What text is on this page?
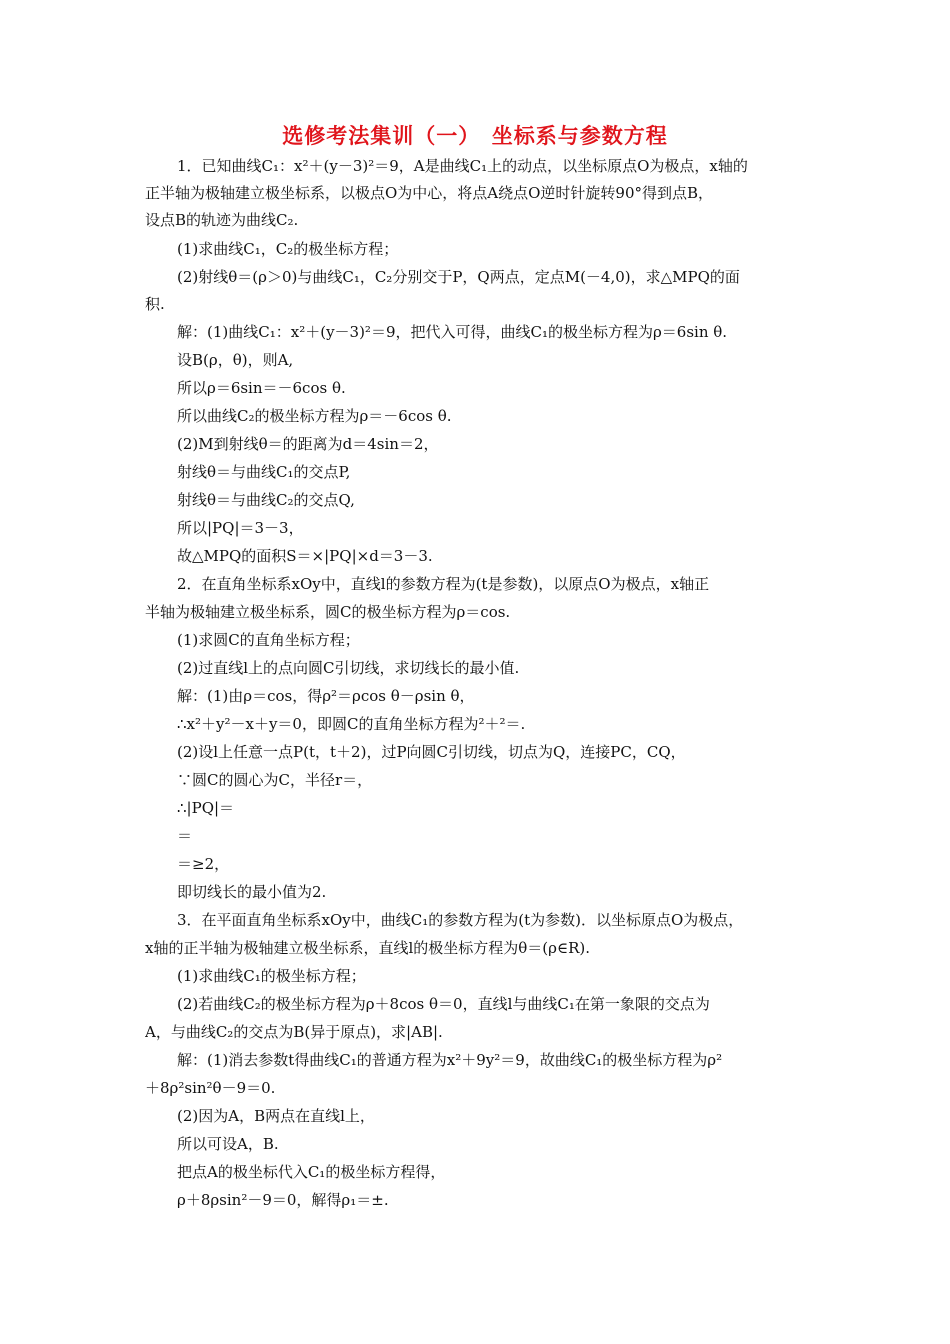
选修考法集训（一）　坐标系与参数方程
1．已知曲线C₁：x²＋(y－3)²＝9，A是曲线C₁上的动点，以坐标原点O为极点，x轴的
正半轴为极轴建立极坐标系，以极点O为中心，将点A绕点O逆时针旋转90°得到点B，
设点B的轨迹为曲线C₂.
(1)求曲线C₁，C₂的极坐标方程；
(2)射线θ＝(ρ＞0)与曲线C₁，C₂分别交于P，Q两点，定点M(－4,0)，求△MPQ的面
积.
解：(1)曲线C₁：x²＋(y－3)²＝9，把代入可得，曲线C₁的极坐标方程为ρ＝6sin θ.
设B(ρ，θ)，则A,
所以ρ＝6sin＝－6cos θ.
所以曲线C₂的极坐标方程为ρ＝－6cos θ.
(2)M到射线θ＝的距离为d＝4sin＝2，
射线θ＝与曲线C₁的交点P,
射线θ＝与曲线C₂的交点Q,
所以|PQ|＝3－3，
故△MPQ的面积S＝×|PQ|×d＝3－3.
2．在直角坐标系xOy中，直线l的参数方程为(t是参数)，以原点O为极点，x轴正
半轴为极轴建立极坐标系，圆C的极坐标方程为ρ＝cos.
(1)求圆C的直角坐标方程；
(2)过直线l上的点向圆C引切线，求切线长的最小值.
解：(1)由ρ＝cos，得ρ²＝ρcos θ－ρsin θ，
∴x²＋y²－x＋y＝0，即圆C的直角坐标方程为²＋²＝.
(2)设l上任意一点P(t，t＋2)，过P向圆C引切线，切点为Q，连接PC，CQ，
∵圆C的圆心为C，半径r＝，
∴|PQ|＝
＝
＝≥2，
即切线长的最小值为2.
3．在平面直角坐标系xOy中，曲线C₁的参数方程为(t为参数)．以坐标原点O为极点，
x轴的正半轴为极轴建立极坐标系，直线l的极坐标方程为θ＝(ρ∈R).
(1)求曲线C₁的极坐标方程；
(2)若曲线C₂的极坐标方程为ρ＋8cos θ＝0，直线l与曲线C₁在第一象限的交点为
A，与曲线C₂的交点为B(异于原点)，求|AB|.
解：(1)消去参数t得曲线C₁的普通方程为x²＋9y²＝9，故曲线C₁的极坐标方程为ρ²
＋8ρ²sin²θ－9＝0.
(2)因为A，B两点在直线l上，
所以可设A，B.
把点A的极坐标代入C₁的极坐标方程得，
ρ＋8ρsin²－9＝0，解得ρ₁＝±.
